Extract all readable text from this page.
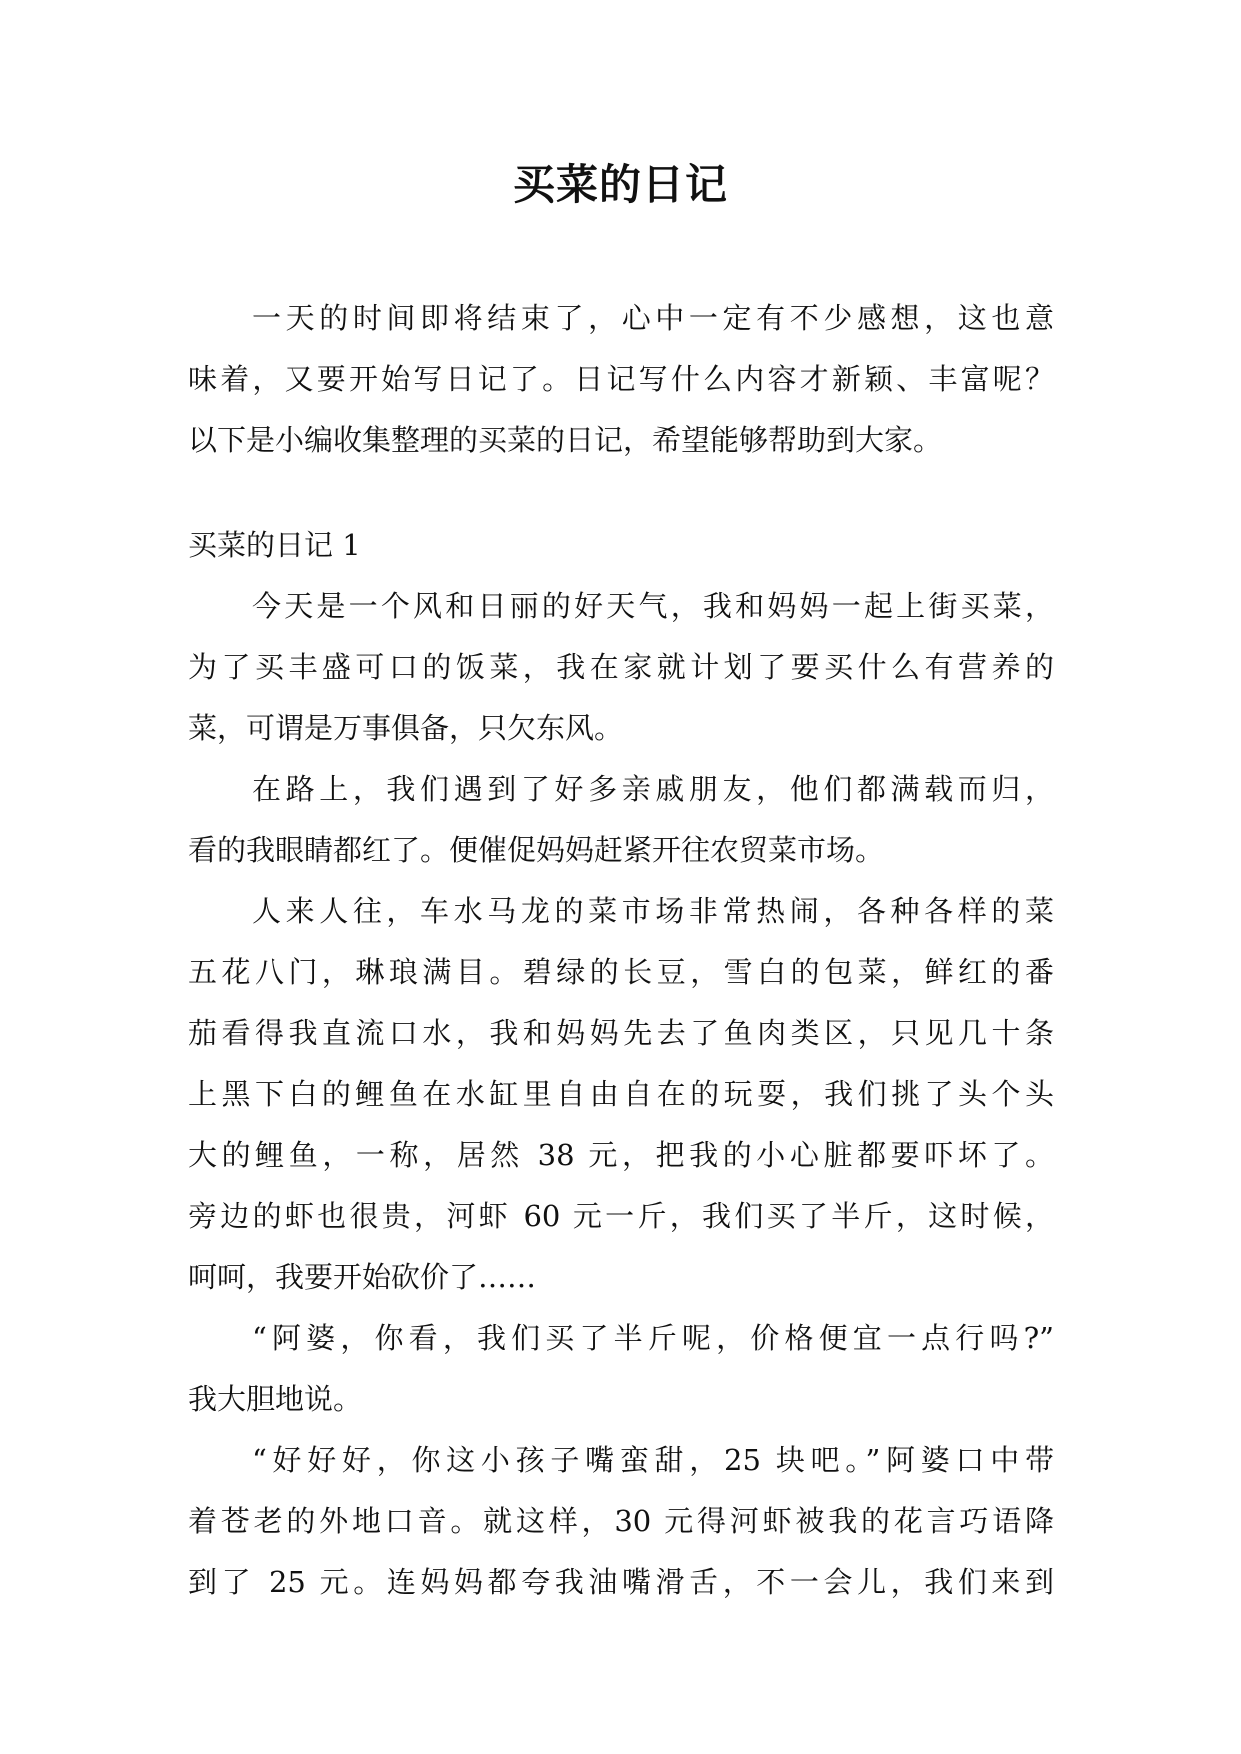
买菜的日记
一天的时间即将结束了，心中一定有不少感想，这也意
味着，又要开始写日记了。日记写什么内容才新颖、丰富呢？
以下是小编收集整理的买菜的日记，希望能够帮助到大家。
买菜的日记 1
今天是一个风和日丽的好天气，我和妈妈一起上街买菜，
为了买丰盛可口的饭菜，我在家就计划了要买什么有营养的
菜，可谓是万事俱备，只欠东风。
在路上，我们遇到了好多亲戚朋友，他们都满载而归，
看的我眼睛都红了。便催促妈妈赶紧开往农贸菜市场。
人来人往，车水马龙的菜市场非常热闹，各种各样的菜
五花八门，琳琅满目。碧绿的长豆，雪白的包菜，鲜红的番
茄看得我直流口水，我和妈妈先去了鱼肉类区，只见几十条
上黑下白的鲤鱼在水缸里自由自在的玩耍，我们挑了头个头
大的鲤鱼，一称，居然 38 元，把我的小心脏都要吓坏了。
旁边的虾也很贵，河虾 60 元一斤，我们买了半斤，这时候，
呵呵，我要开始砍价了……
“阿婆，你看，我们买了半斤呢，价格便宜一点行吗?”
我大胆地说。
“好好好，你这小孩子嘴蛮甜，25 块吧。”阿婆口中带
着苍老的外地口音。就这样，30 元得河虾被我的花言巧语降
到了 25 元。连妈妈都夸我油嘴滑舌，不一会儿，我们来到
